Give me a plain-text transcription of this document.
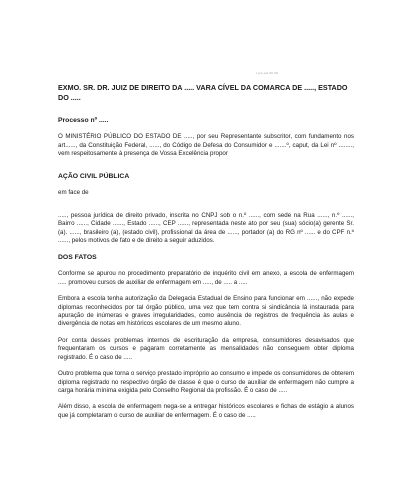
l.pro.jus 00.00
EXMO. SR. DR. JUIZ DE DIREITO DA ..... VARA CÍVEL DA COMARCA DE ....., ESTADO DO .....
Processo nº .....

O MINISTÉRIO PÚBLICO DO ESTADO DE ....., por seu Representante subscritor, com fundamento nos art......, da Constituição Federal, ......, do Código de Defesa do Consumidor e .......º, caput, da Lei nº ........, vem respeitosamente à presença de Vossa Excelência propor

AÇÃO CIVIL PÚBLICA

em face de

....., pessoa jurídica de direito privado, inscrita no CNPJ sob o n.º ......, com sede na Rua ......, n.º ......, Bairro ......, Cidade ......, Estado ......, CEP ......, representada neste ato por seu (sua) sócio(a) gerente Sr. (a). ......, brasileiro (a), (estado civil), profissional da área de ......, portador (a) do RG nº ...... e do CPF n.º ......, pelos motivos de fato e de direito a seguir aduzidos.

DOS FATOS

Conforme se apurou no procedimento preparatório de inquérito civil em anexo, a escola de enfermagem ..... promoveu cursos de auxiliar de enfermagem em ....., de ..... a .....

Embora a escola tenha autorização da Delegacia Estadual de Ensino para funcionar em ......, não expede diplomas reconhecidos por tal órgão público, uma vez que tem contra si sindicância lá instaurada para apuração de inúmeras e graves irregularidades, como ausência de registros de frequência às aulas e divergência de notas em históricos escolares de um mesmo aluno.

Por conta desses problemas internos de escrituração da empresa, consumidores desavisados que frequentaram os cursos e pagaram corretamente as mensalidades não conseguem obter diploma registrado. É o caso de .....

Outro problema que torna o serviço prestado impróprio ao consumo e impede os consumidores de obterem diploma registrado no respectivo órgão de classe é que o curso de auxiliar de enfermagem não cumpre a carga horária mínima exigida pelo Conselho Regional da profissão. É o caso de .....

Além disso, a escola de enfermagem nega-se a entregar históricos escolares e fichas de estágio a alunos que já completaram o curso de auxiliar de enfermagem. É o caso de .....
